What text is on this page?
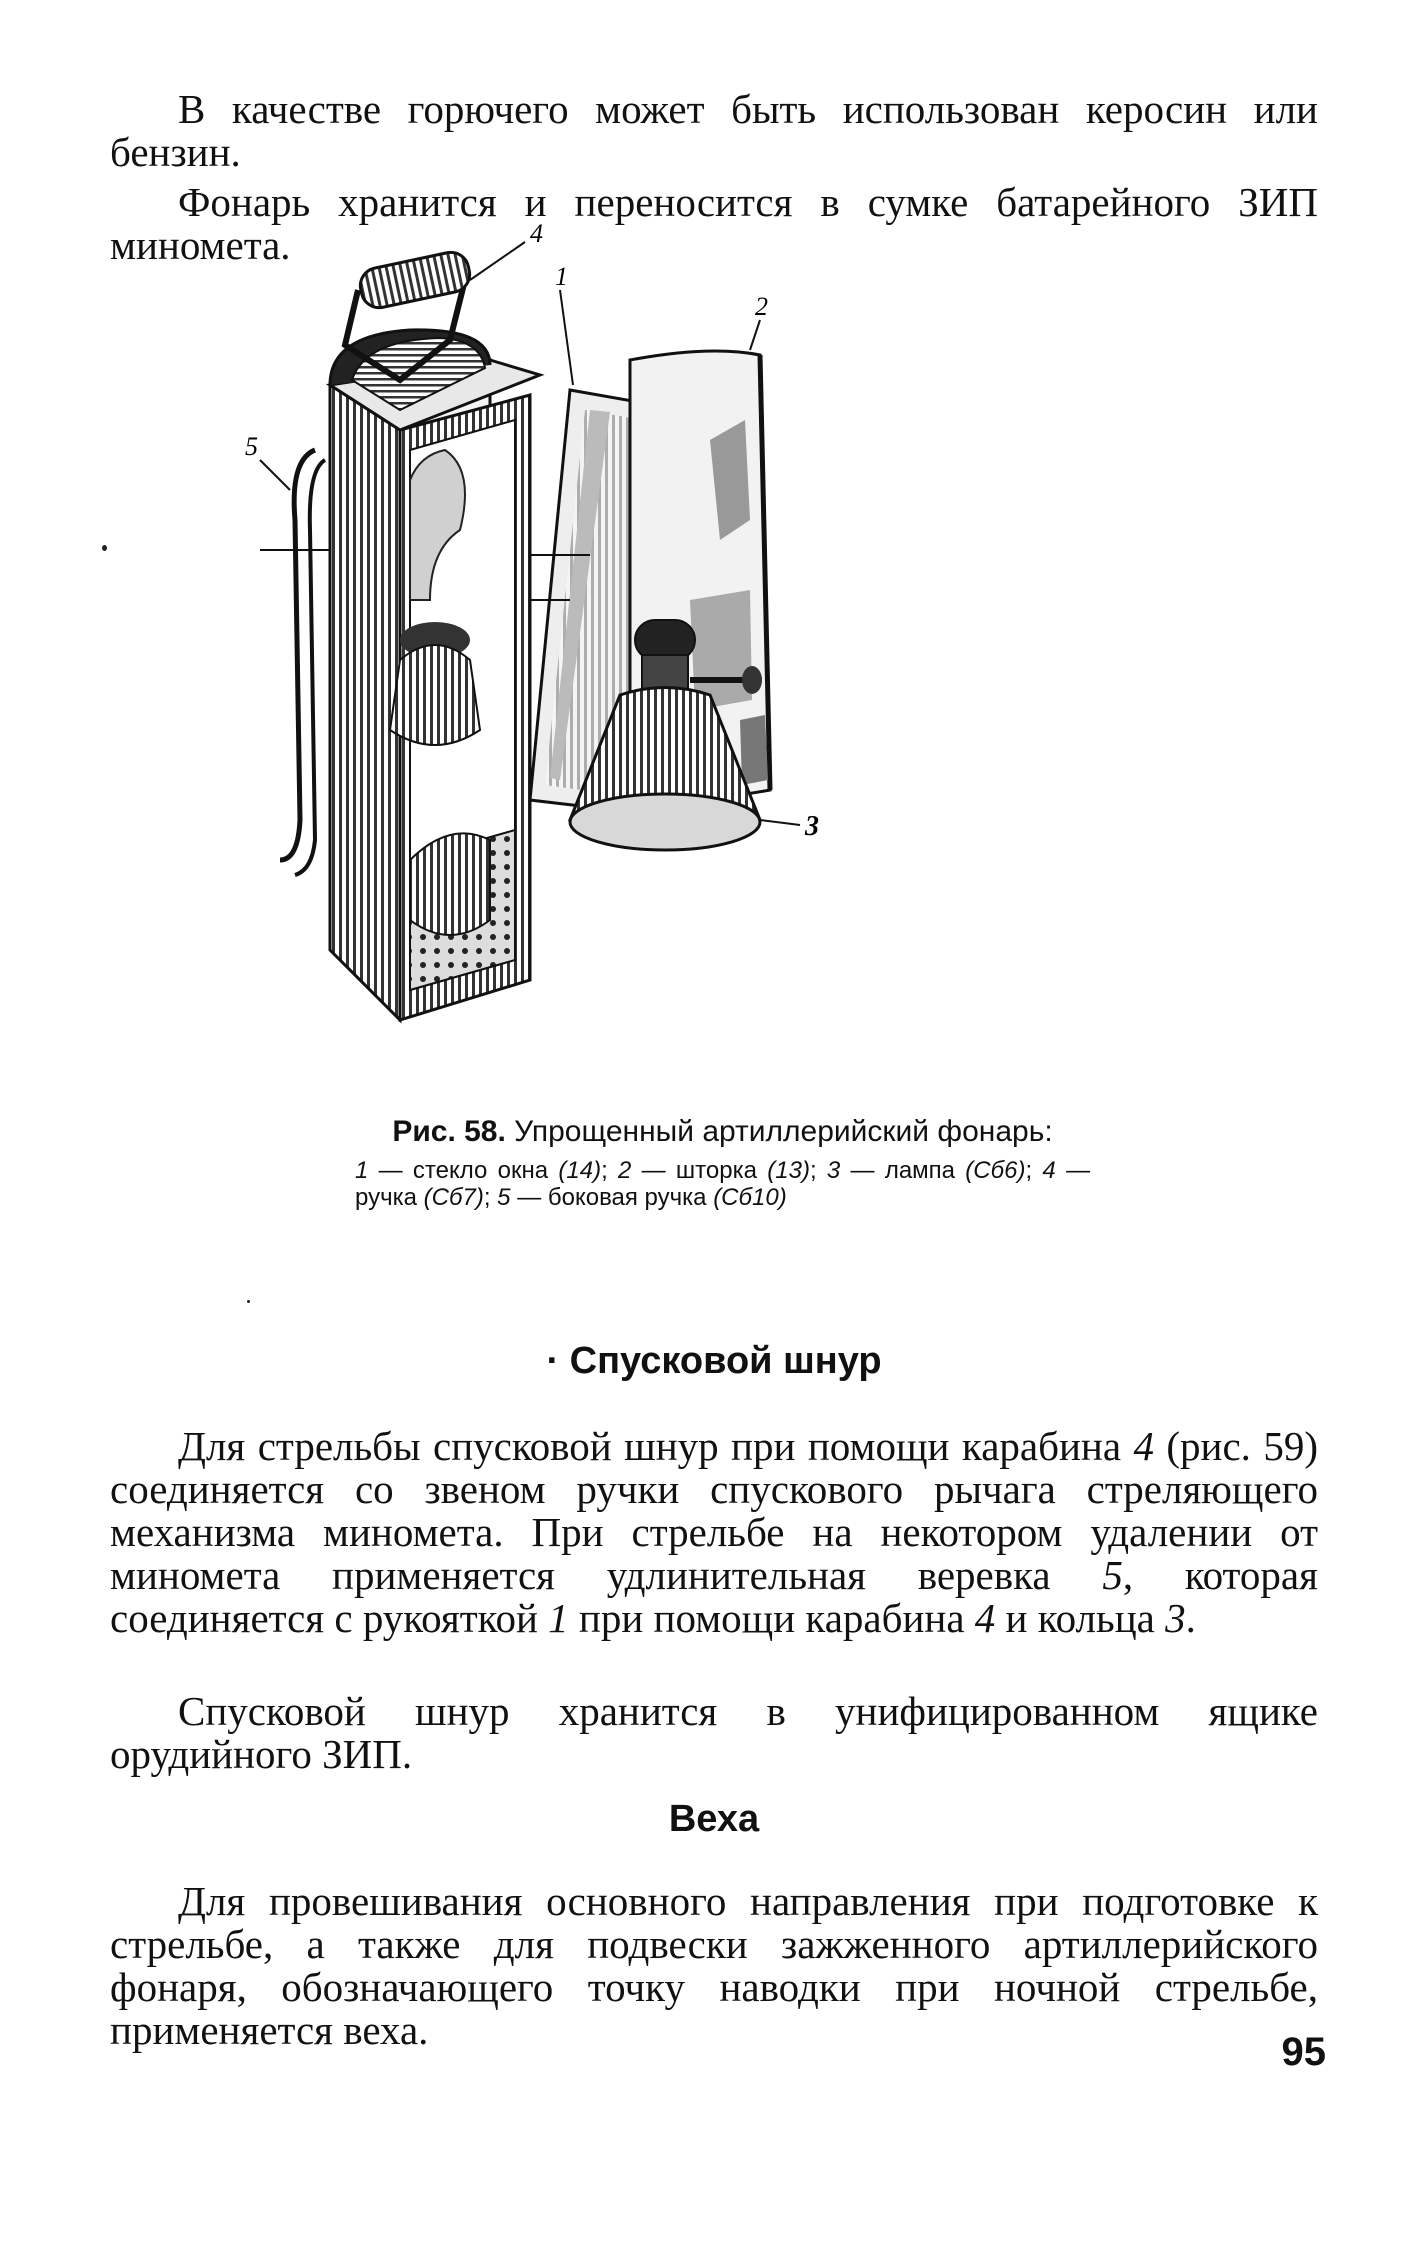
В качестве горючего может быть использован керосин или бензин.

Фонарь хранится и переносится в сумке батарейного ЗИП миномета.	4
1
2
3
5
Рис. 58. Упрощенный артиллерийский фонарь:
1 — стекло окна (14); 2 — шторка (13); 3 — лампа (Сб6); 4 — ручка (Сб7); 5 — боковая ручка (Сб10)
· Спусковой шнур

Для стрельбы спусковой шнур при помощи карабина 4 (рис. 59) соединяется со звеном ручки спускового рычага стреляющего механизма миномета. При стрельбе на некотором удалении от миномета применяется удлинительная веревка 5, которая соединяется с рукояткой 1 при помощи карабина 4 и кольца 3.

Спусковой шнур хранится в унифицированном ящике орудийного ЗИП.

Веха

Для провешивания основного направления при подготовке к стрельбе, а также для подвески зажженного артиллерийского фонаря, обозначающего точку наводки при ночной стрельбе, применяется веха.	95
